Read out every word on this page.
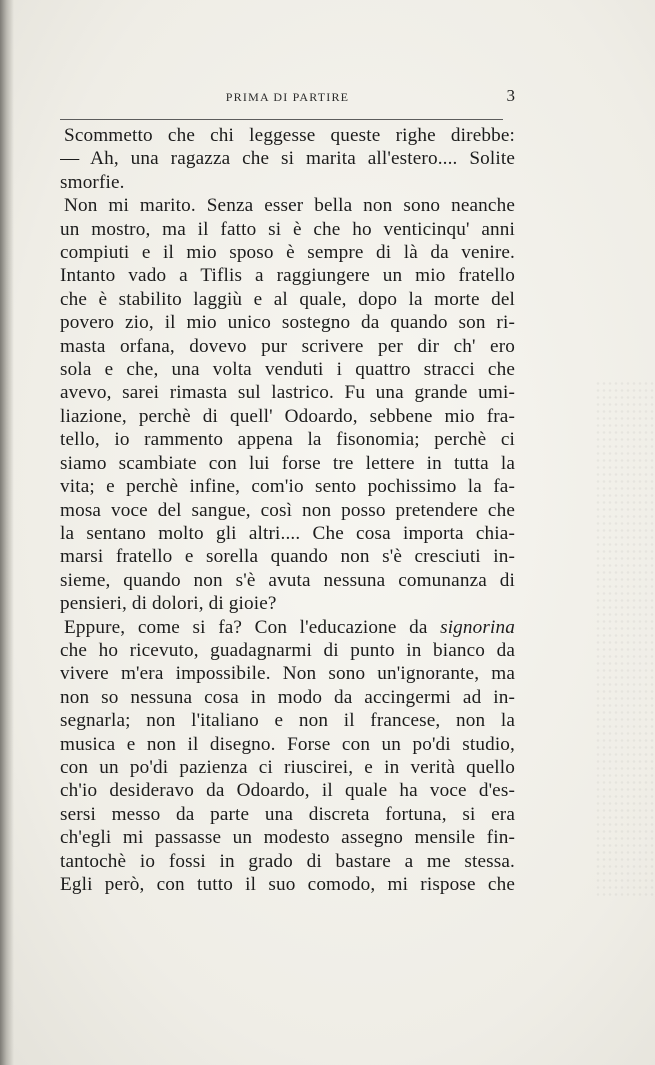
PRIMA DI PARTIRE	3

Scommetto che chi leggesse queste righe direbbe:
— Ah, una ragazza che si marita all'estero.... Solite
smorfie.

Non mi marito. Senza esser bella non sono neanche
un mostro, ma il fatto si è che ho venticinqu' anni
compiuti e il mio sposo è sempre di là da venire.
Intanto vado a Tiflis a raggiungere un mio fratello
che è stabilito laggiù e al quale, dopo la morte del
povero zio, il mio unico sostegno da quando son ri-
masta orfana, dovevo pur scrivere per dir ch' ero
sola e che, una volta venduti i quattro stracci che
avevo, sarei rimasta sul lastrico. Fu una grande umi-
liazione, perchè di quell' Odoardo, sebbene mio fra-
tello, io rammento appena la fisonomia; perchè ci
siamo scambiate con lui forse tre lettere in tutta la
vita; e perchè infine, com'io sento pochissimo la fa-
mosa voce del sangue, così non posso pretendere che
la sentano molto gli altri.... Che cosa importa chia-
marsi fratello e sorella quando non s'è cresciuti in-
sieme, quando non s'è avuta nessuna comunanza di
pensieri, di dolori, di gioie?

Eppure, come si fa? Con l'educazione da signorina
che ho ricevuto, guadagnarmi di punto in bianco da
vivere m'era impossibile. Non sono un'ignorante, ma
non so nessuna cosa in modo da accingermi ad in-
segnarla; non l'italiano e non il francese, non la
musica e non il disegno. Forse con un po'di studio,
con un po'di pazienza ci riuscirei, e in verità quello
ch'io desideravo da Odoardo, il quale ha voce d'es-
sersi messo da parte una discreta fortuna, si era
ch'egli mi passasse un modesto assegno mensile fin-
tantochè io fossi in grado di bastare a me stessa.
Egli però, con tutto il suo comodo, mi rispose che
